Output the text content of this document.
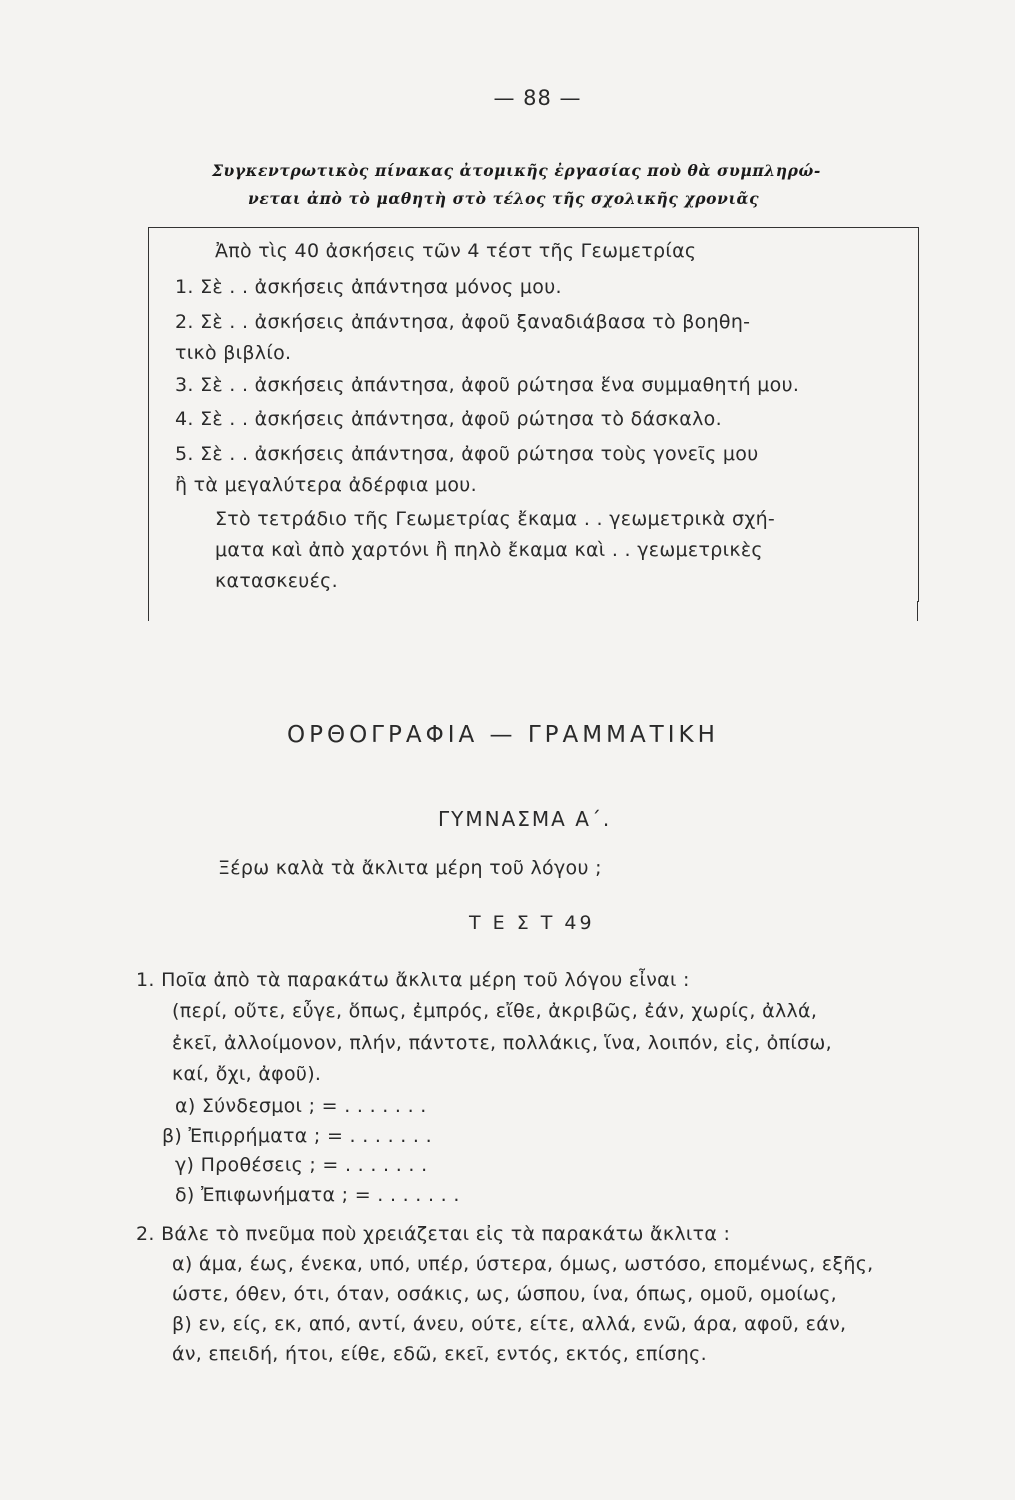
— 88 —
Συγκεντρωτικὸς πίνακας ἀτομικῆς ἐργασίας ποὺ θὰ συμπληρώ-
νεται ἀπὸ τὸ μαθητὴ στὸ τέλος τῆς σχολικῆς χρονιᾶς
Ἀπὸ τὶς 40 ἀσκήσεις τῶν 4 τέστ τῆς Γεωμετρίας
1. Σὲ . . ἀσκήσεις ἀπάντησα μόνος μου.
2. Σὲ . . ἀσκήσεις ἀπάντησα, ἀφοῦ ξαναδιάβασα τὸ βοηθη-
τικὸ βιβλίο.
3. Σὲ . . ἀσκήσεις ἀπάντησα, ἀφοῦ ρώτησα ἕνα συμμαθητή μου.
4. Σὲ . . ἀσκήσεις ἀπάντησα, ἀφοῦ ρώτησα τὸ δάσκαλο.
5. Σὲ . . ἀσκήσεις ἀπάντησα, ἀφοῦ ρώτησα τοὺς γονεῖς μου
ἢ τὰ μεγαλύτερα ἀδέρφια μου.
Στὸ τετράδιο τῆς Γεωμετρίας ἔκαμα . . γεωμετρικὰ σχή-
ματα καὶ ἀπὸ χαρτόνι ἢ πηλὸ ἔκαμα καὶ . . γεωμετρικὲς
κατασκευές.
ΟΡΘΟΓΡΑΦΙΑ — ΓΡΑΜΜΑΤΙΚΗ
ΓΥΜΝΑΣΜΑ Α΄.
Ξέρω καλὰ τὰ ἄκλιτα μέρη τοῦ λόγου ;
Τ Ε Σ Τ 49
1. Ποῖα ἀπὸ τὰ παρακάτω ἄκλιτα μέρη τοῦ λόγου εἶναι :
(περί, οὔτε, εὖγε, ὅπως, ἐμπρός, εἴθε, ἀκριβῶς, ἐάν, χωρίς, ἀλλά,
ἐκεῖ, ἀλλοίμονον, πλήν, πάντοτε, πολλάκις, ἵνα, λοιπόν, εἰς, ὀπίσω,
καί, ὄχι, ἀφοῦ).
α) Σύνδεσμοι ; = . . . . . . .
β) Ἐπιρρήματα ; = . . . . . . .
γ) Προθέσεις ; = . . . . . . .
δ) Ἐπιφωνήματα ; = . . . . . . .
2. Βάλε τὸ πνεῦμα ποὺ χρειάζεται εἰς τὰ παρακάτω ἄκλιτα :
α) άμα, έως, ένεκα, υπό, υπέρ, ύστερα, όμως, ωστόσο, επομένως, εξῆς,
ώστε, όθεν, ότι, όταν, οσάκις, ως, ώσπου, ίνα, όπως, ομοῦ, ομοίως,
β) εν, είς, εκ, από, αντί, άνευ, ούτε, είτε, αλλά, ενῶ, άρα, αφοῦ, εάν,
άν, επειδή, ήτοι, είθε, εδῶ, εκεῖ, εντός, εκτός, επίσης.
